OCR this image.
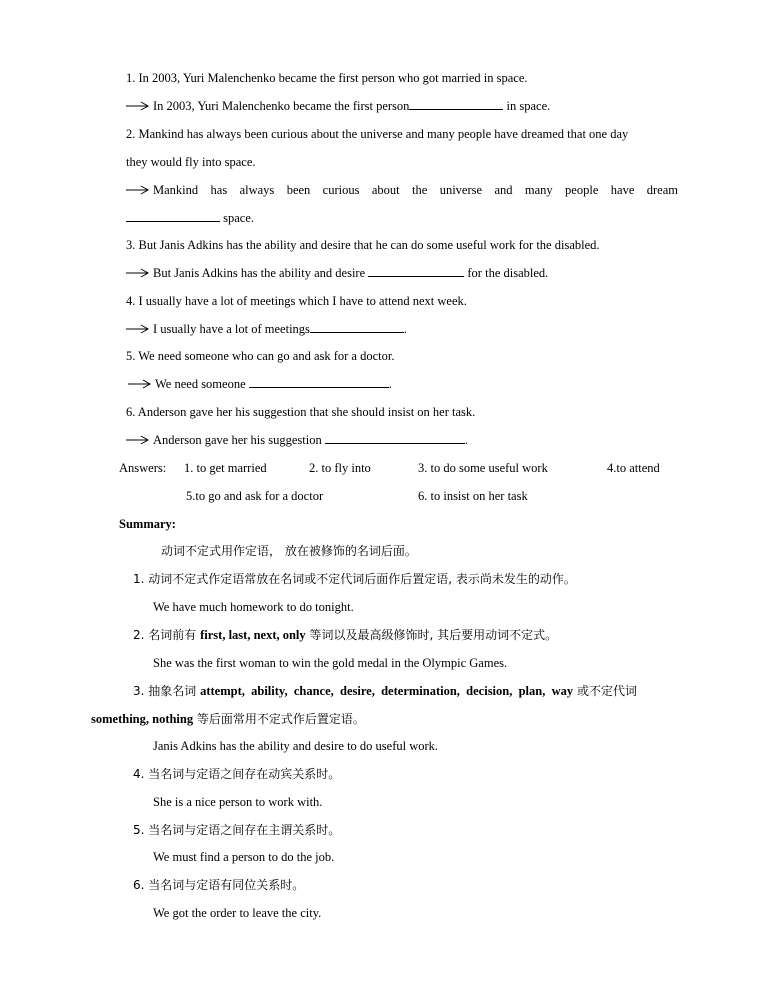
1. In 2003, Yuri Malenchenko became the first person who got married in space.
In 2003, Yuri Malenchenko became the first person	in space.
2. Mankind has always been curious about the universe and many people have dreamed that one day
they would fly into space.
Mankind has always been curious about the universe and many people have dream
space.
3. But Janis Adkins has the ability and desire that he can do some useful work for the disabled.
But Janis Adkins has the ability and desire	for the disabled.
4. I usually have a lot of meetings which I have to attend next week.
I usually have a lot of meetings	.
5. We need someone who can go and ask for a doctor.
We need someone	.
6. Anderson gave her his suggestion that she should insist on her task.
Anderson gave her his suggestion	.
Answers: 1. to get married	2. to fly into	3. to do some useful work	4.to attend
5.to go and ask for a doctor	6. to insist on her task
Summary:
动词不定式用作定语， 放在被修饰的名词后面。
1. 动词不定式作定语常放在名词或不定代词后面作后置定语, 表示尚未发生的动作。
We have much homework to do tonight.
2. 名词前有 first, last, next, only 等词以及最高级修饰时, 其后要用动词不定式。
She was the first woman to win the gold medal in the Olympic Games.
3. 抽象名词 attempt,  ability,  chance,  desire,  determination,  decision,  plan,  way 或不定代词
something, nothing 等后面常用不定式作后置定语。
Janis Adkins has the ability and desire to do useful work.
4. 当名词与定语之间存在动宾关系时。
She is a nice person to work with.
5. 当名词与定语之间存在主谓关系时。
We must find a person to do the job.
6. 当名词与定语有同位关系时。
We got the order to leave the city.
